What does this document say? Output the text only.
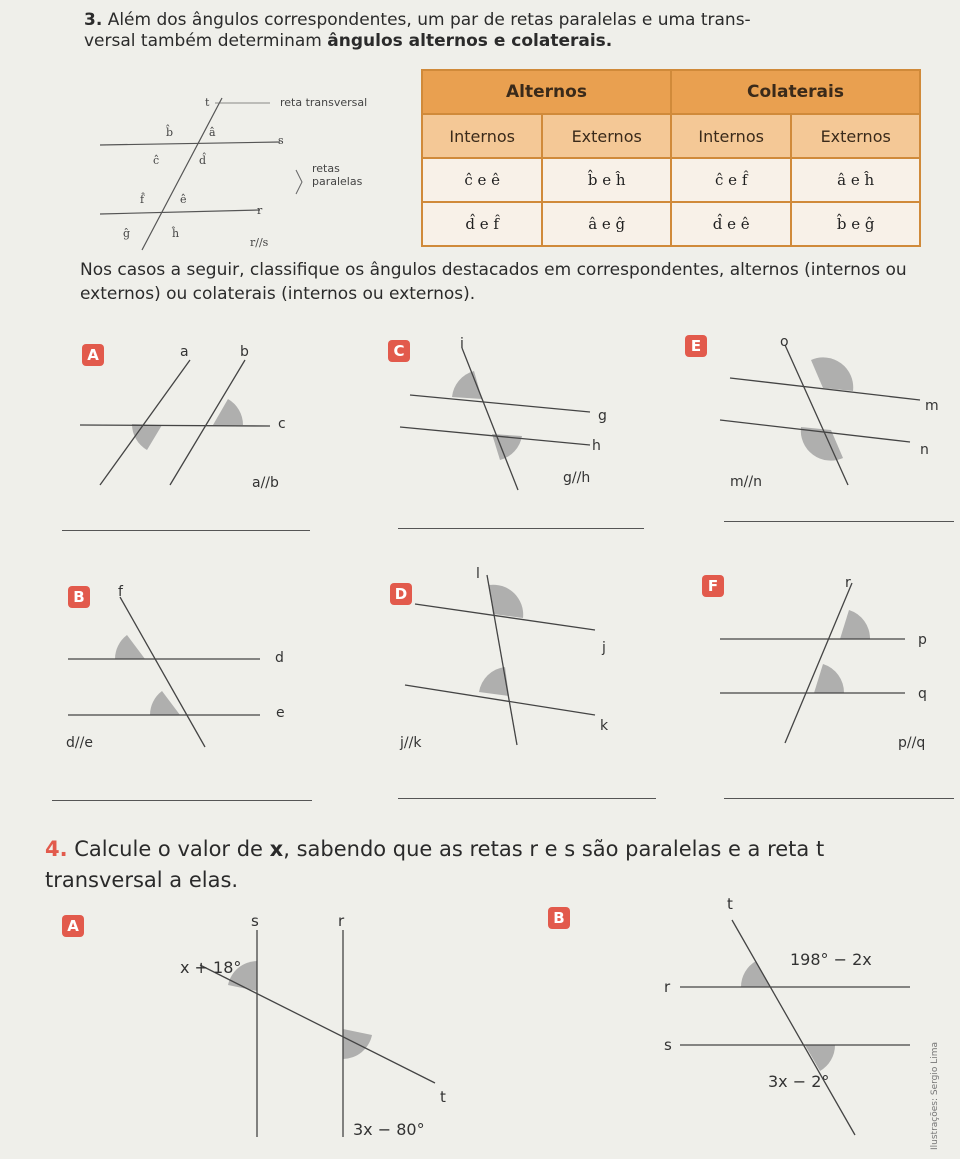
3. Além dos ângulos correspondentes, um par de retas paralelas e uma trans-
versal também determinam ângulos alternos e colaterais.
t	reta transversal
s
r
b̂	â
ĉ	d̂
f̂	ê
ĝ	ĥ
retas
paralelas
r//s
Alternos		Colaterais	
Internos	Externos	Internos	Externos
ĉ e ê	b̂ e ĥ	ĉ e f̂	â e ĥ
d̂ e f̂	â e ĝ	d̂ e ê	b̂ e ĝ
Nos casos a seguir, classifique os ângulos destacados em correspondentes, alternos (internos ou externos) ou colaterais (internos ou externos).
A	a	b
c
a//b
C	i
g
h
g//h
E	o
m
n
m//n
B	f
d
e
d//e
D
l
j
k
j//k
F	r
p
q
p//q
4. Calcule o valor de x, sabendo que as retas r e s são paralelas e a reta t
transversal a elas.
A	s	r
x + 18°
3x − 80°
t
B
t
198° − 2x
r
s
3x − 2°	Ilustrações: Sergio Lima
